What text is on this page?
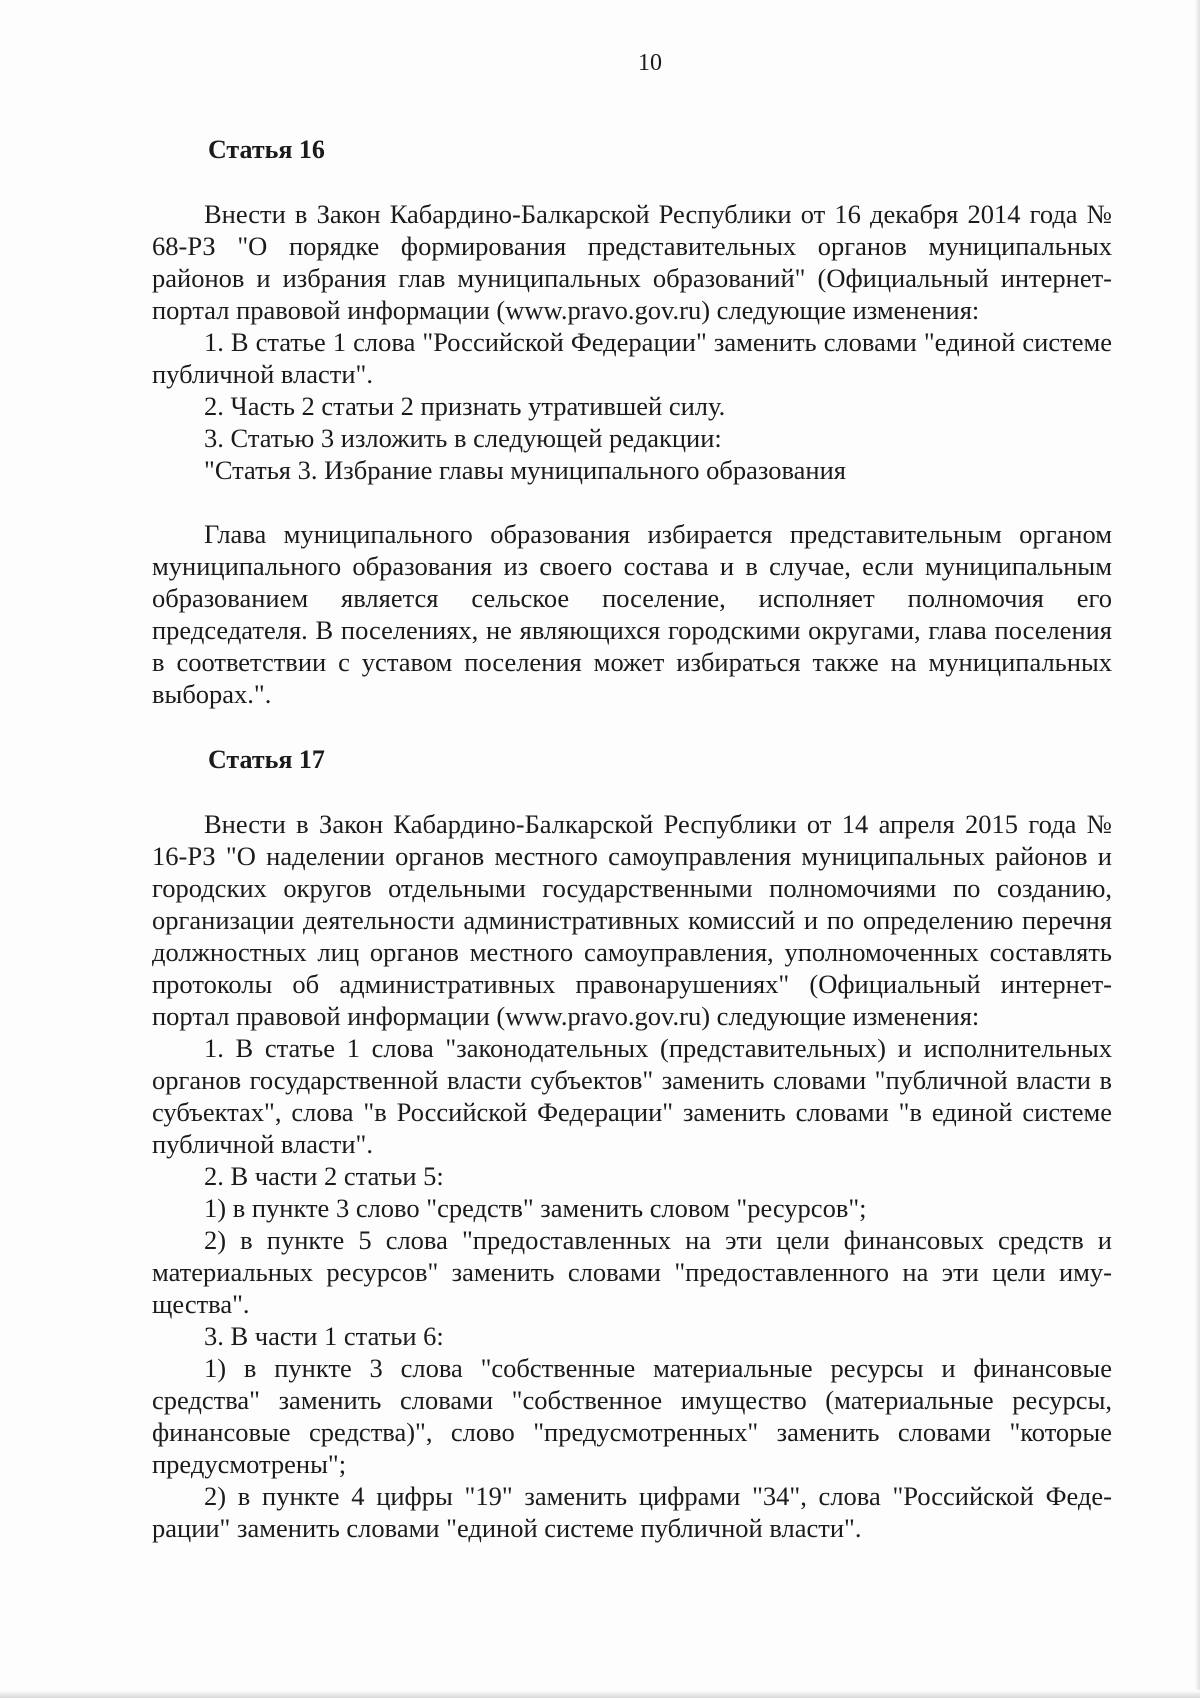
10
Статья 16

Внести в Закон Кабардино-Балкарской Республики от 16 декабря 2014 года № 68-РЗ "О порядке формирования представительных органов муниципальных районов и избрания глав муниципальных образований" (Официальный интернет-портал правовой информации (www.pravo.gov.ru) следующие изменения:

1. В статье 1 слова "Российской Федерации" заменить словами "единой системе публичной власти".

2. Часть 2 статьи 2 признать утратившей силу.

3. Статью 3 изложить в следующей редакции:

"Статья 3. Избрание главы муниципального образования

Глава муниципального образования избирается представительным органом муниципального образования из своего состава и в случае, если муниципальным образованием является сельское поселение, исполняет полномочия его председателя. В поселениях, не являющихся городскими округами, глава поселения в соответствии с уставом поселения может избираться также на муниципальных выборах.".

Статья 17

Внести в Закон Кабардино-Балкарской Республики от 14 апреля 2015 года № 16-РЗ "О наделении органов местного самоуправления муниципальных районов и городских округов отдельными государственными полномочиями по созданию, организации деятельности административных комиссий и по определению перечня должностных лиц органов местного самоуправления, уполномоченных составлять протоколы об административных правонарушениях" (Официальный интернет-портал правовой информации (www.pravo.gov.ru) следующие изменения:

1. В статье 1 слова "законодательных (представительных) и исполнительных органов государственной власти субъектов" заменить словами "публичной власти в субъектах", слова "в Российской Федерации" заменить словами "в единой системе публичной власти".

2. В части 2 статьи 5:

1) в пункте 3 слово "средств" заменить словом "ресурсов";

2) в пункте 5 слова "предоставленных на эти цели финансовых средств и материальных ресурсов" заменить словами "предоставленного на эти цели имущества".

3. В части 1 статьи 6:

1) в пункте 3 слова "собственные материальные ресурсы и финансовые средства" заменить словами "собственное имущество (материальные ресурсы, финансовые средства)", слово "предусмотренных" заменить словами "которые предусмотрены";

2) в пункте 4 цифры "19" заменить цифрами "34", слова "Российской Федерации" заменить словами "единой системе публичной власти".
